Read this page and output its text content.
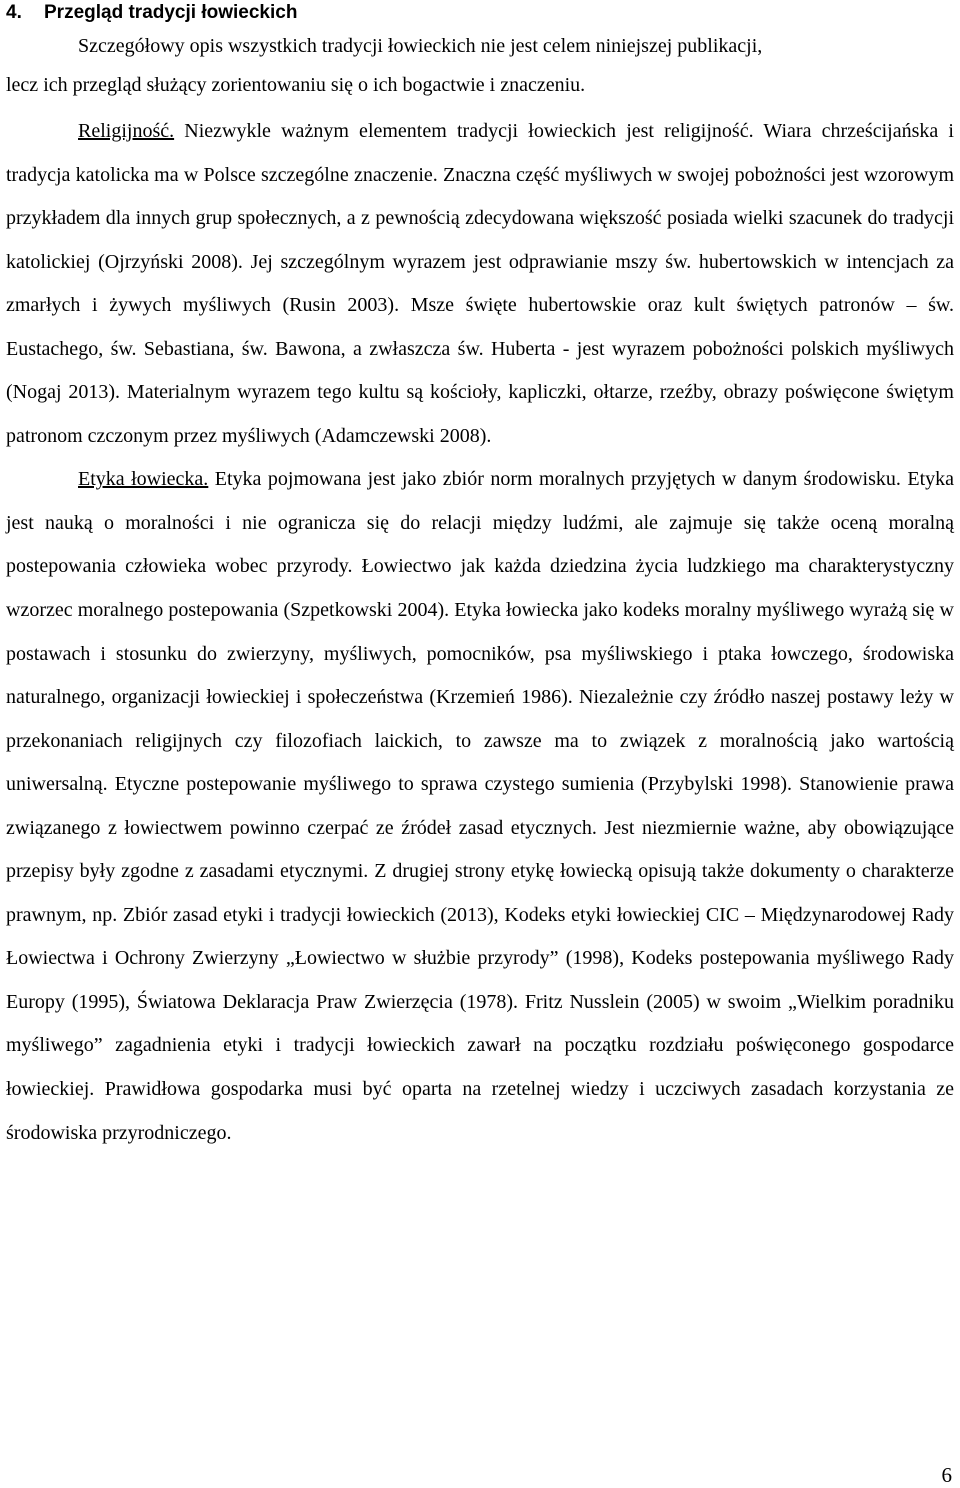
4. Przegląd tradycji łowieckich

Szczegółowy opis wszystkich tradycji łowieckich nie jest celem niniejszej publikacji,
lecz ich przegląd służący zorientowaniu się o ich bogactwie i znaczeniu.

Religijność. Niezwykle ważnym elementem tradycji łowieckich jest religijność. Wiara chrześcijańska i tradycja katolicka ma w Polsce szczególne znaczenie. Znaczna część myśliwych w swojej pobożności jest wzorowym przykładem dla innych grup społecznych, a z pewnością zdecydowana większość posiada wielki szacunek do tradycji katolickiej (Ojrzyński 2008). Jej szczególnym wyrazem jest odprawianie mszy św. hubertowskich w intencjach za zmarłych i żywych myśliwych (Rusin 2003). Msze święte hubertowskie oraz kult świętych patronów – św. Eustachego, św. Sebastiana, św. Bawona, a zwłaszcza św. Huberta - jest wyrazem pobożności polskich myśliwych (Nogaj 2013). Materialnym wyrazem tego kultu są kościoły, kapliczki, ołtarze, rzeźby, obrazy poświęcone świętym patronom czczonym przez myśliwych (Adamczewski 2008).

Etyka łowiecka. Etyka pojmowana jest jako zbiór norm moralnych przyjętych w danym środowisku. Etyka jest nauką o moralności i nie ogranicza się do relacji między ludźmi, ale zajmuje się także oceną moralną postepowania człowieka wobec przyrody. Łowiectwo jak każda dziedzina życia ludzkiego ma charakterystyczny wzorzec moralnego postepowania (Szpetkowski 2004). Etyka łowiecka jako kodeks moralny myśliwego wyrażą się w postawach i stosunku do zwierzyny, myśliwych, pomocników, psa myśliwskiego i ptaka łowczego, środowiska naturalnego, organizacji łowieckiej i społeczeństwa (Krzemień 1986). Niezależnie czy źródło naszej postawy leży w przekonaniach religijnych czy filozofiach laickich, to zawsze ma to związek z moralnością jako wartością uniwersalną. Etyczne postepowanie myśliwego to sprawa czystego sumienia (Przybylski 1998). Stanowienie prawa związanego z łowiectwem powinno czerpać ze źródeł zasad etycznych. Jest niezmiernie ważne, aby obowiązujące przepisy były zgodne z zasadami etycznymi. Z drugiej strony etykę łowiecką opisują także dokumenty o charakterze prawnym, np. Zbiór zasad etyki i tradycji łowieckich (2013), Kodeks etyki łowieckiej CIC – Międzynarodowej Rady Łowiectwa i Ochrony Zwierzyny „Łowiectwo w służbie przyrody” (1998), Kodeks postepowania myśliwego Rady Europy (1995), Światowa Deklaracja Praw Zwierzęcia (1978). Fritz Nusslein (2005) w swoim „Wielkim poradniku myśliwego” zagadnienia etyki i tradycji łowieckich zawarł na początku rozdziału poświęconego gospodarce łowieckiej. Prawidłowa gospodarka musi być oparta na rzetelnej wiedzy i uczciwych zasadach korzystania ze środowiska przyrodniczego.

6
